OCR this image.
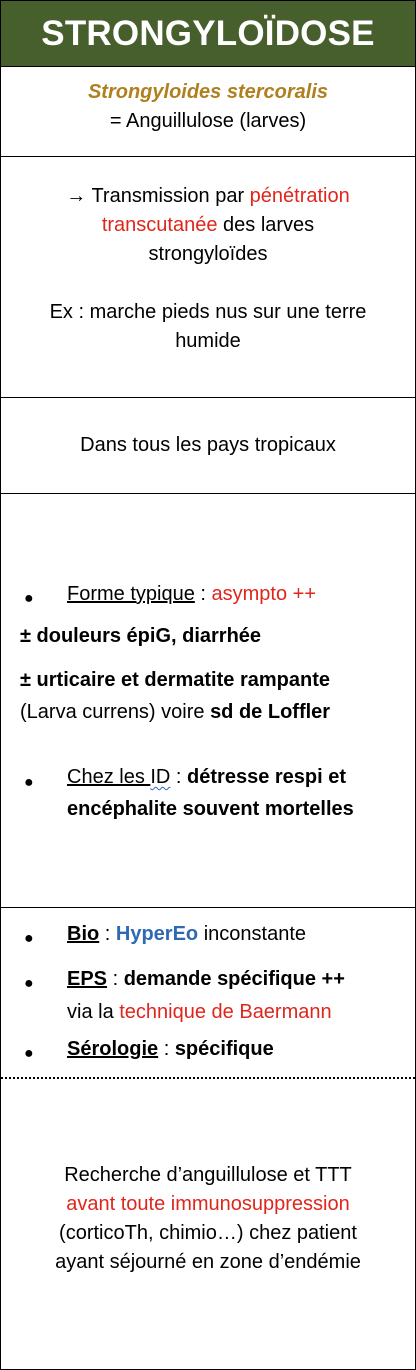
STRONGYLOÏDOSE
Strongyloides stercoralis
= Anguillulose (larves)
→ Transmission par pénétration
transcutanée des larves
strongyloïdes
Ex : marche pieds nus sur une terre
humide
Dans tous les pays tropicaux
● Forme typique : asympto ++
± douleurs épiG, diarrhée
± urticaire et dermatite rampante
(Larva currens) voire sd de Loffler
● Chez les ID : détresse respi et
encéphalite souvent mortelles
● Bio : HyperEo inconstante
● EPS : demande spécifique ++
via la technique de Baermann
● Sérologie : spécifique
Recherche d’anguillulose et TTT
avant toute immunosuppression
(corticoTh, chimio…) chez patient
ayant séjourné en zone d’endémie
